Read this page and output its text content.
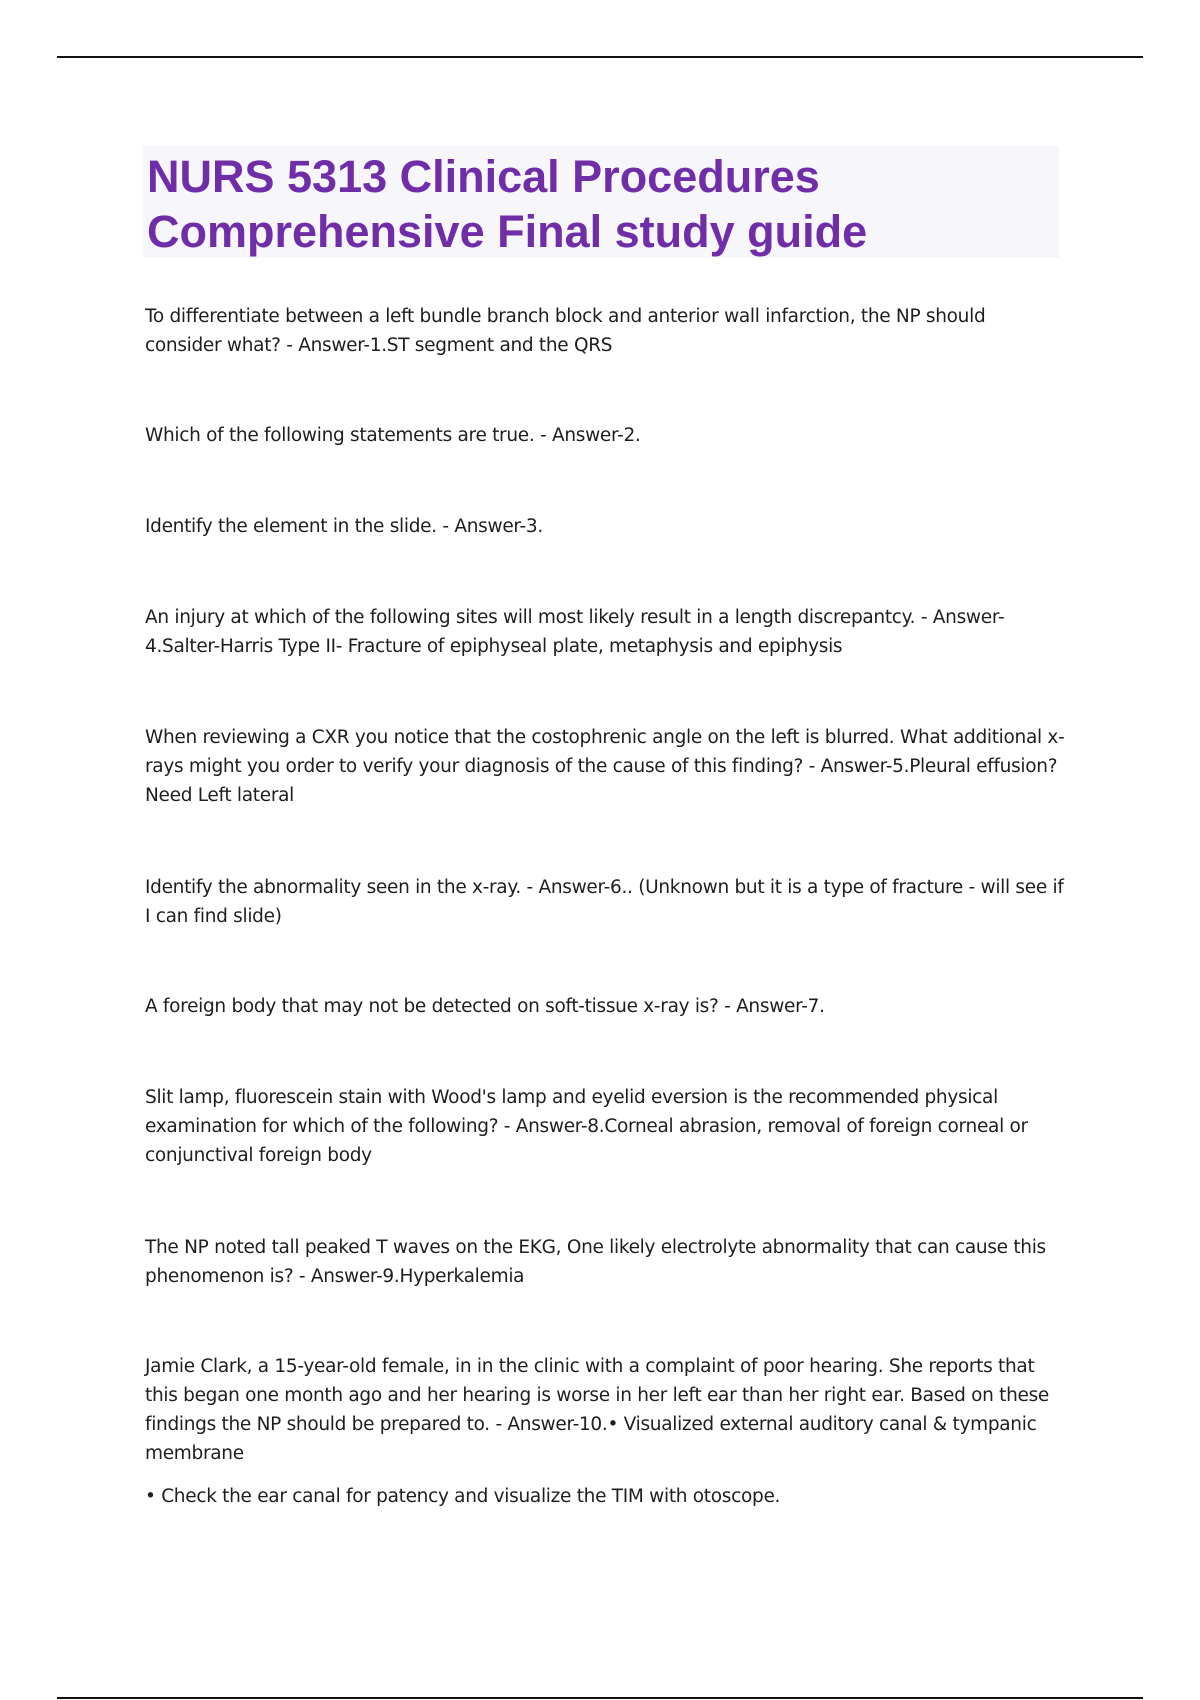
NURS 5313 Clinical Procedures
Comprehensive Final study guide

To differentiate between a left bundle branch block and anterior wall infarction, the NP should consider what? - Answer-1.ST segment and the QRS

Which of the following statements are true. - Answer-2.

Identify the element in the slide. - Answer-3.

An injury at which of the following sites will most likely result in a length discrepantcy. - Answer-4.Salter-Harris Type II- Fracture of epiphyseal plate, metaphysis and epiphysis

When reviewing a CXR you notice that the costophrenic angle on the left is blurred. What additional x-rays might you order to verify your diagnosis of the cause of this finding? - Answer-5.Pleural effusion? Need Left lateral

Identify the abnormality seen in the x-ray. - Answer-6.. (Unknown but it is a type of fracture - will see if I can find slide)

A foreign body that may not be detected on soft-tissue x-ray is? - Answer-7.

Slit lamp, fluorescein stain with Wood's lamp and eyelid eversion is the recommended physical examination for which of the following? - Answer-8.Corneal abrasion, removal of foreign corneal or conjunctival foreign body

The NP noted tall peaked T waves on the EKG, One likely electrolyte abnormality that can cause this phenomenon is? - Answer-9.Hyperkalemia

Jamie Clark, a 15-year-old female, in in the clinic with a complaint of poor hearing. She reports that this began one month ago and her hearing is worse in her left ear than her right ear. Based on these findings the NP should be prepared to. - Answer-10.• Visualized external auditory canal & tympanic membrane

• Check the ear canal for patency and visualize the TIM with otoscope.
